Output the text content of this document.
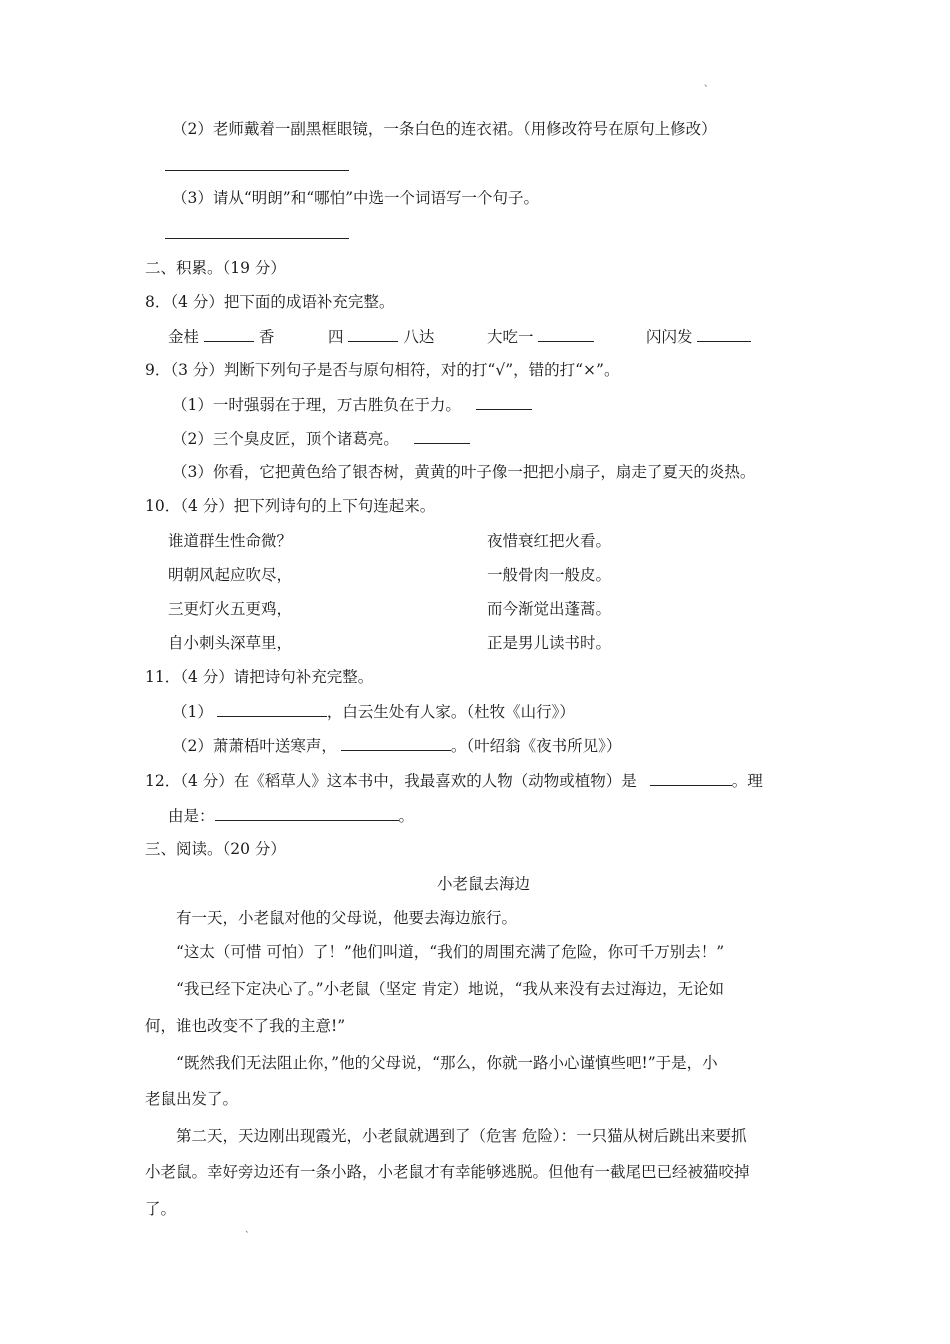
、
（2）老师戴着一副黑框眼镜，一条白色的连衣裙。（用修改符号在原句上修改）
（3）请从“明朗”和“哪怕”中选一个词语写一个句子。
二、积累。（19 分）
8．（4 分）把下面的成语补充完整。
金桂	香	四	八达	大吃一	闪闪发
9．（3 分）判断下列句子是否与原句相符，对的打“√”，错的打“×”。
（1）一时强弱在于理，万古胜负在于力。
（2）三个臭皮匠，顶个诸葛亮。
（3）你看，它把黄色给了银杏树，黄黄的叶子像一把把小扇子，扇走了夏天的炎热。
10．（4 分）把下列诗句的上下句连起来。
谁道群生性命微？	夜惜衰红把火看。
明朝风起应吹尽，	一般骨肉一般皮。
三更灯火五更鸡，	而今渐觉出蓬蒿。
自小刺头深草里，	正是男儿读书时。
11．（4 分）请把诗句补充完整。
（1）	，白云生处有人家。（杜牧《山行》）
（2）萧萧梧叶送寒声，	。（叶绍翁《夜书所见》）
12．（4 分）在《稻草人》这本书中，我最喜欢的人物（动物或植物）是	。理
由是：	。
三、阅读。（20 分）
小老鼠去海边
有一天，小老鼠对他的父母说，他要去海边旅行。
“这太（可惜 可怕）了！”他们叫道，“我们的周围充满了危险，你可千万别去！”
“我已经下定决心了。”小老鼠（坚定 肯定）地说，“我从来没有去过海边，无论如
何，谁也改变不了我的主意!”
“既然我们无法阻止你，”他的父母说，“那么，你就一路小心谨慎些吧!”于是，小
老鼠出发了。
第二天，天边刚出现霞光，小老鼠就遇到了（危害 危险）：一只猫从树后跳出来要抓
小老鼠。幸好旁边还有一条小路，小老鼠才有幸能够逃脱。但他有一截尾巴已经被猫咬掉
了。
、
